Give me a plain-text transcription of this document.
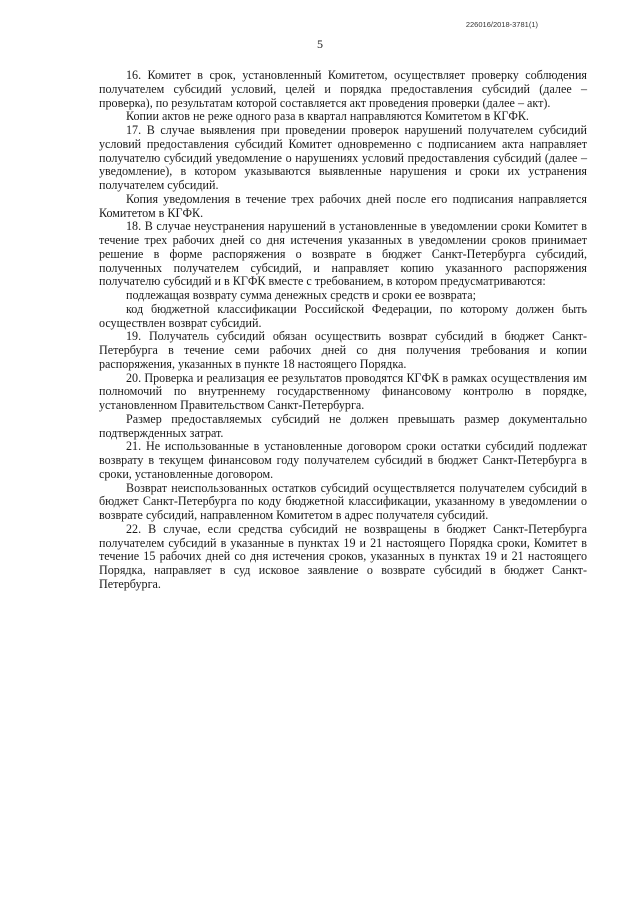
226016/2018-3781(1)
5

16. Комитет в срок, установленный Комитетом, осуществляет проверку соблюдения получателем субсидий условий, целей и порядка предоставления субсидий (далее – проверка), по результатам которой составляется акт проведения проверки (далее – акт).

Копии актов не реже одного раза в квартал направляются Комитетом в КГФК.

17. В случае выявления при проведении проверок нарушений получателем субсидий условий предоставления субсидий Комитет одновременно с подписанием акта направляет получателю субсидий уведомление о нарушениях условий предоставления субсидий (далее – уведомление), в котором указываются выявленные нарушения и сроки их устранения получателем субсидий.

Копия уведомления в течение трех рабочих дней после его подписания направляется Комитетом в КГФК.

18. В случае неустранения нарушений в установленные в уведомлении сроки Комитет в течение трех рабочих дней со дня истечения указанных в уведомлении сроков принимает решение в форме распоряжения о возврате в бюджет Санкт-Петербурга субсидий, полученных получателем субсидий, и направляет копию указанного распоряжения получателю субсидий и в КГФК вместе с требованием, в котором предусматриваются:

подлежащая возврату сумма денежных средств и сроки ее возврата;

код бюджетной классификации Российской Федерации, по которому должен быть осуществлен возврат субсидий.

19. Получатель субсидий обязан осуществить возврат субсидий в бюджет Санкт-Петербурга в течение семи рабочих дней со дня получения требования и копии распоряжения, указанных в пункте 18 настоящего Порядка.

20. Проверка и реализация ее результатов проводятся КГФК в рамках осуществления им полномочий по внутреннему государственному финансовому контролю в порядке, установленном Правительством Санкт-Петербурга.

Размер предоставляемых субсидий не должен превышать размер документально подтвержденных затрат.

21. Не использованные в установленные договором сроки остатки субсидий подлежат возврату в текущем финансовом году получателем субсидий в бюджет Санкт-Петербурга в сроки, установленные договором.

Возврат неиспользованных остатков субсидий осуществляется получателем субсидий в бюджет Санкт-Петербурга по коду бюджетной классификации, указанному в уведомлении о возврате субсидий, направленном Комитетом в адрес получателя субсидий.

22. В случае, если средства субсидий не возвращены в бюджет Санкт-Петербурга получателем субсидий в указанные в пунктах 19 и 21 настоящего Порядка сроки, Комитет в течение 15 рабочих дней со дня истечения сроков, указанных в пунктах 19 и 21 настоящего Порядка, направляет в суд исковое заявление о возврате субсидий в бюджет Санкт-Петербурга.
